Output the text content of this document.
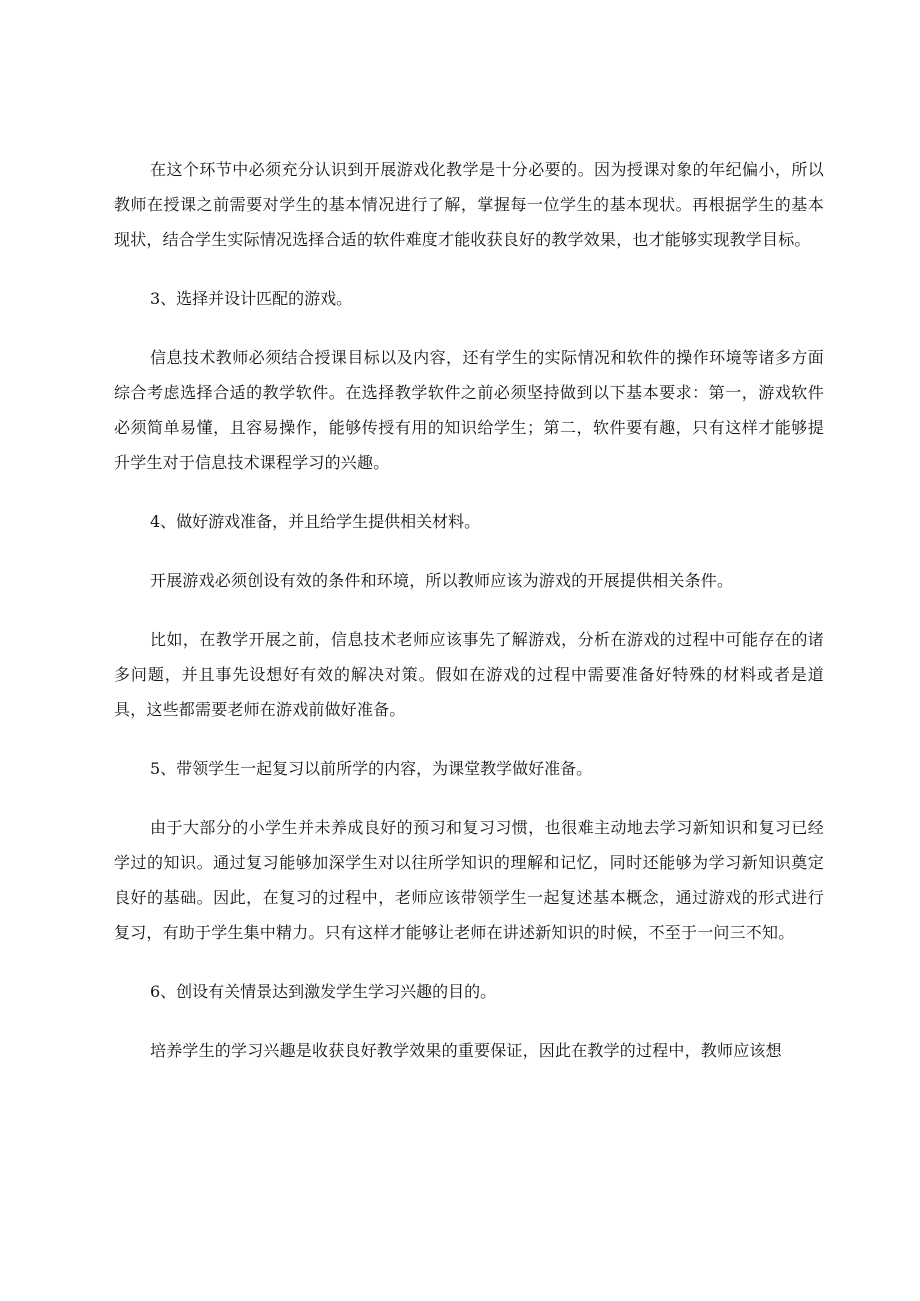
在这个环节中必须充分认识到开展游戏化教学是十分必要的。因为授课对象的年纪偏小，所以教师在授课之前需要对学生的基本情况进行了解，掌握每一位学生的基本现状。再根据学生的基本现状，结合学生实际情况选择合适的软件难度才能收获良好的教学效果，也才能够实现教学目标。

3、选择并设计匹配的游戏。

信息技术教师必须结合授课目标以及内容，还有学生的实际情况和软件的操作环境等诸多方面综合考虑选择合适的教学软件。在选择教学软件之前必须坚持做到以下基本要求：第一，游戏软件必须简单易懂，且容易操作，能够传授有用的知识给学生；第二，软件要有趣，只有这样才能够提升学生对于信息技术课程学习的兴趣。

4、做好游戏准备，并且给学生提供相关材料。

开展游戏必须创设有效的条件和环境，所以教师应该为游戏的开展提供相关条件。

比如，在教学开展之前，信息技术老师应该事先了解游戏，分析在游戏的过程中可能存在的诸多问题，并且事先设想好有效的解决对策。假如在游戏的过程中需要准备好特殊的材料或者是道具，这些都需要老师在游戏前做好准备。

5、带领学生一起复习以前所学的内容，为课堂教学做好准备。

由于大部分的小学生并未养成良好的预习和复习习惯，也很难主动地去学习新知识和复习已经学过的知识。通过复习能够加深学生对以往所学知识的理解和记忆，同时还能够为学习新知识奠定良好的基础。因此，在复习的过程中，老师应该带领学生一起复述基本概念，通过游戏的形式进行复习，有助于学生集中精力。只有这样才能够让老师在讲述新知识的时候，不至于一问三不知。

6、创设有关情景达到激发学生学习兴趣的目的。

培养学生的学习兴趣是收获良好教学效果的重要保证，因此在教学的过程中，教师应该想
